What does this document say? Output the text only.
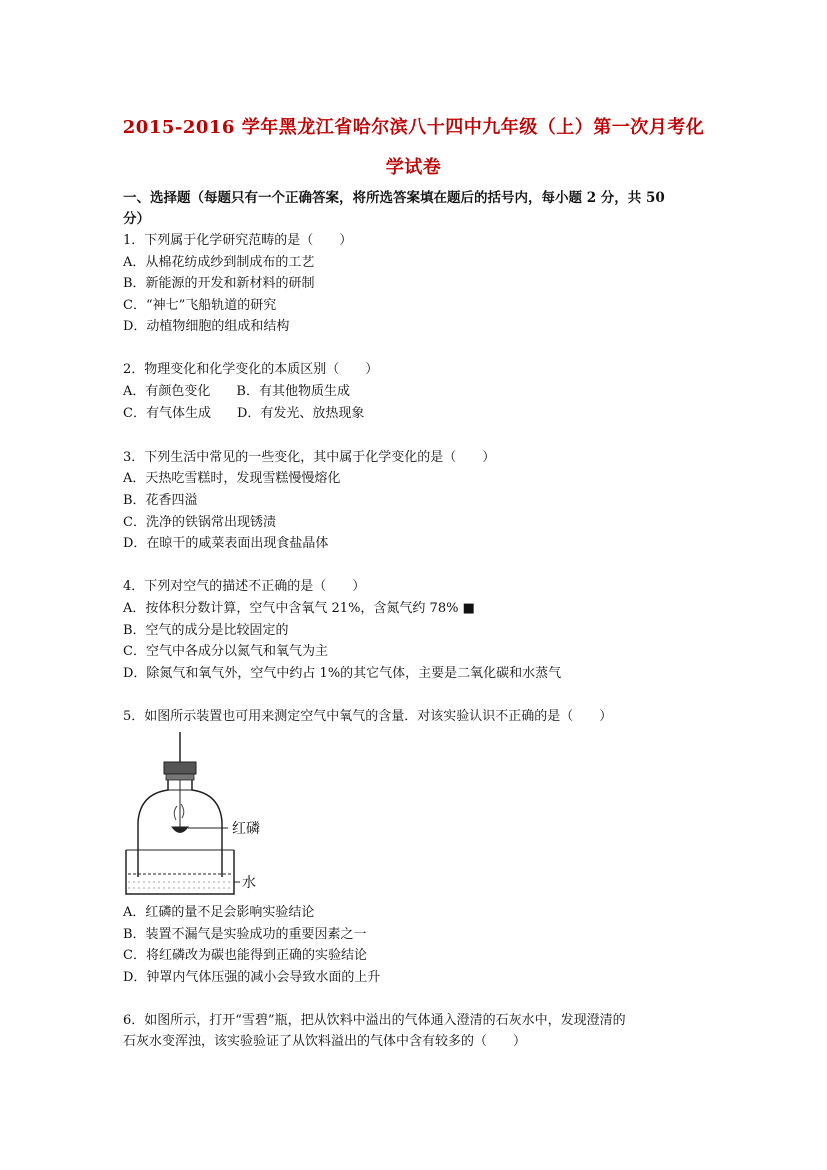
2015-2016 学年黑龙江省哈尔滨八十四中九年级（上）第一次月考化
学试卷
一、选择题（每题只有一个正确答案，将所选答案填在题后的括号内，每小题 2 分，共 50
分）
1．下列属于化学研究范畴的是（　　）
A．从棉花纺成纱到制成布的工艺
B．新能源的开发和新材料的研制
C．“神七”飞船轨道的研究
D．动植物细胞的组成和结构
2．物理变化和化学变化的本质区别（　　）
A．有颜色变化　　B．有其他物质生成
C．有气体生成　　D．有发光、放热现象
3．下列生活中常见的一些变化，其中属于化学变化的是（　　）
A．天热吃雪糕时，发现雪糕慢慢熔化
B．花香四溢
C．洗净的铁锅常出现锈渍
D．在晾干的咸菜表面出现食盐晶体
4．下列对空气的描述不正确的是（　　）
A．按体积分数计算，空气中含氧气 21%，含氮气约 78% ■
B．空气的成分是比较固定的
C．空气中各成分以氮气和氧气为主
D．除氮气和氧气外，空气中约占 1%的其它气体，主要是二氧化碳和水蒸气
5．如图所示装置也可用来测定空气中氧气的含量．对该实验认识不正确的是（　　）
红磷
水
A．红磷的量不足会影响实验结论
B．装置不漏气是实验成功的重要因素之一
C．将红磷改为碳也能得到正确的实验结论
D．钟罩内气体压强的减小会导致水面的上升
6．如图所示，打开“雪碧”瓶，把从饮料中溢出的气体通入澄清的石灰水中，发现澄清的
石灰水变浑浊，该实验验证了从饮料溢出的气体中含有较多的（　　）
